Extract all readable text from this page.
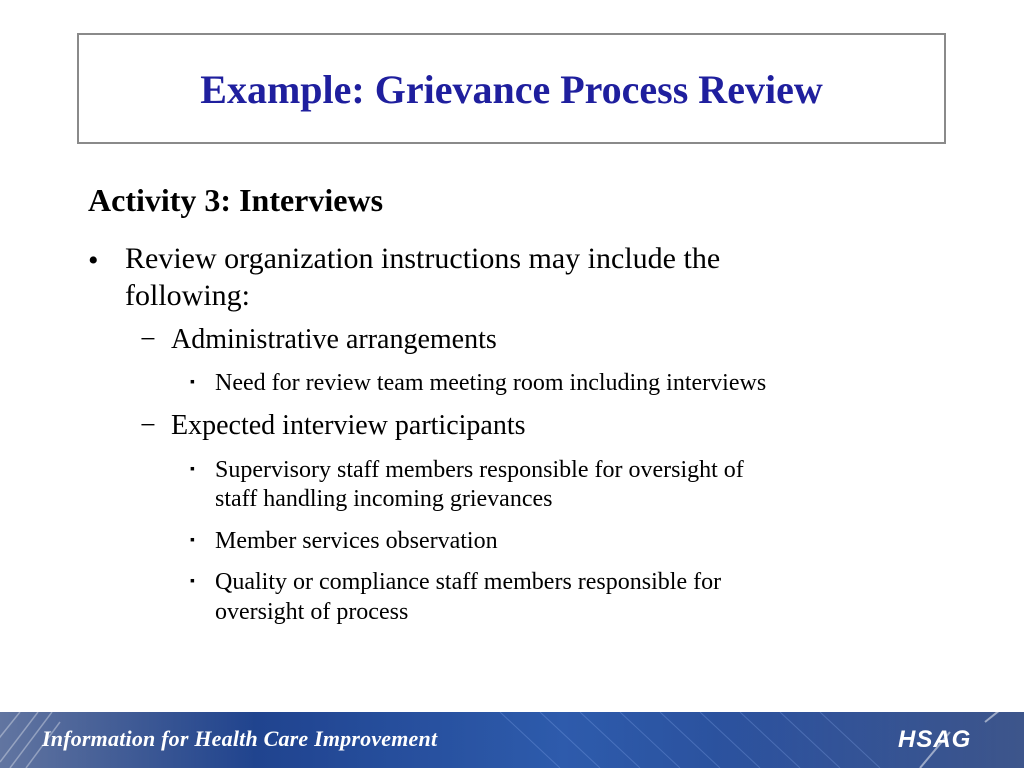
Example: Grievance Process Review
Activity 3: Interviews
• Review organization instructions may include the
following:
− Administrative arrangements
▪ Need for review team meeting room including interviews
− Expected interview participants
▪ Supervisory staff members responsible for oversight of
staff handling incoming grievances
▪ Member services observation
▪ Quality or compliance staff members responsible for
oversight of process
Information for Health Care Improvement	HSAG
